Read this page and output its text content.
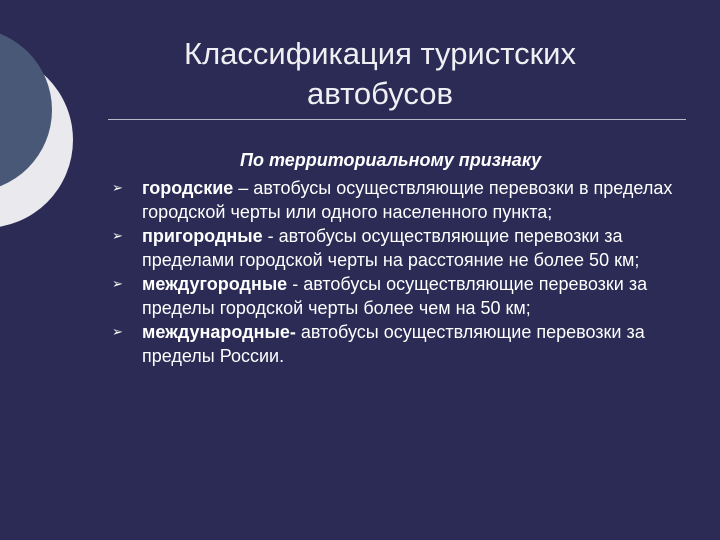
Классификация туристских
автобусов
По территориальному признаку
➢	городские – автобусы осуществляющие перевозки в пределах городской черты или одного населенного пункта;
➢	пригородные - автобусы осуществляющие перевозки за пределами городской черты на расстояние не более 50 км;
➢	междугородные - автобусы осуществляющие перевозки за пределы городской черты более чем на 50 км;
➢	международные- автобусы осуществляющие перевозки за пределы России.
